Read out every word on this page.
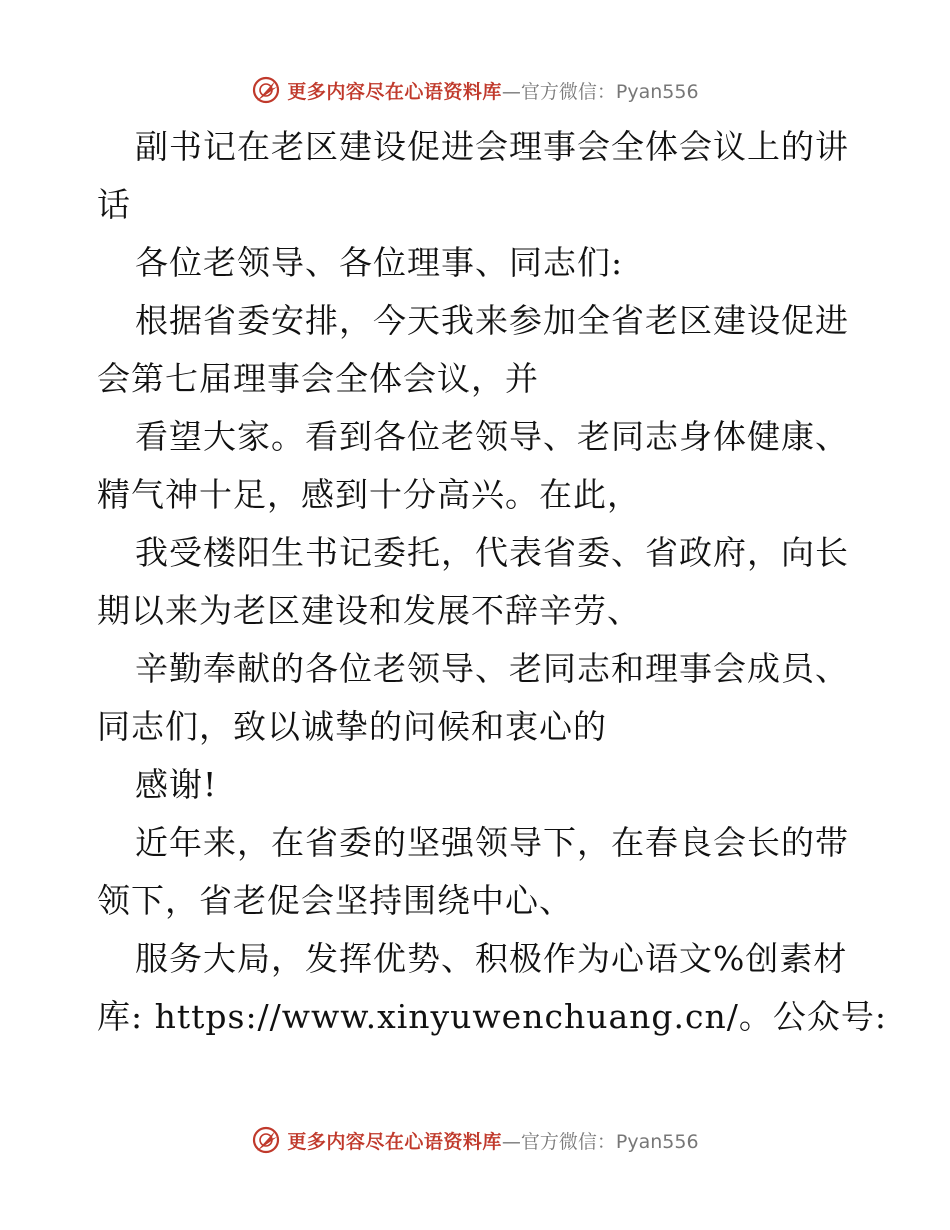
更多内容尽在心语资料库—官方微信：Pyan556
副书记在老区建设促进会理事会全体会议上的讲
话
各位老领导、各位理事、同志们:
根据省委安排，今天我来参加全省老区建设促进
会第七届理事会全体会议，并
看望大家。看到各位老领导、老同志身体健康、
精气神十足，感到十分高兴。在此，
我受楼阳生书记委托，代表省委、省政府，向长
期以来为老区建设和发展不辞辛劳、
辛勤奉献的各位老领导、老同志和理事会成员、
同志们，致以诚挚的问候和衷心的
感谢!
近年来，在省委的坚强领导下，在春良会长的带
领下，省老促会坚持围绕中心、
服务大局，发挥优势、积极作为心语文%创素材
库: https://www.xinyuwenchuang.cn/。公众号:
更多内容尽在心语资料库—官方微信：Pyan556
